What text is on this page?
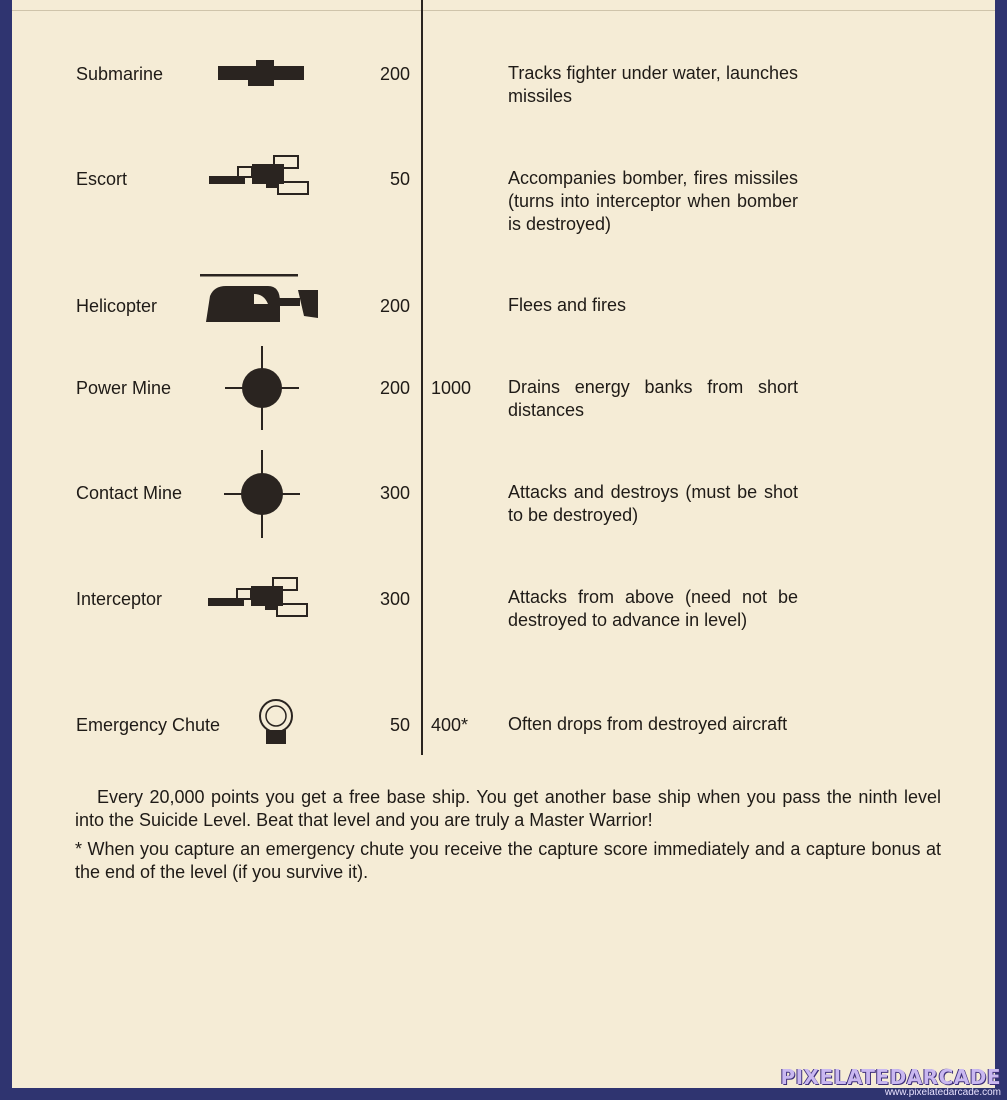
Submarine	200	Tracks fighter under water, launches missiles
Escort	50	Accompanies bomber, fires missiles (turns into interceptor when bomber is destroyed)
Helicopter	200	Flees and fires
Power Mine	200 1000 Drains energy banks from short distances
Contact Mine	300	Attacks and destroys (must be shot to be destroyed)
Interceptor	300	Attacks from above (need not be destroyed to advance in level)
Emergency Chute	50 400* Often drops from destroyed aircraft

Every 20,000 points you get a free base ship. You get another base ship when you pass the ninth level into the Suicide Level. Beat that level and you are truly a Master Warrior!

* When you capture an emergency chute you receive the capture score immediately and a capture bonus at the end of the level (if you survive it).

PIXELATEDARCADE
www.pixelatedarcade.com
